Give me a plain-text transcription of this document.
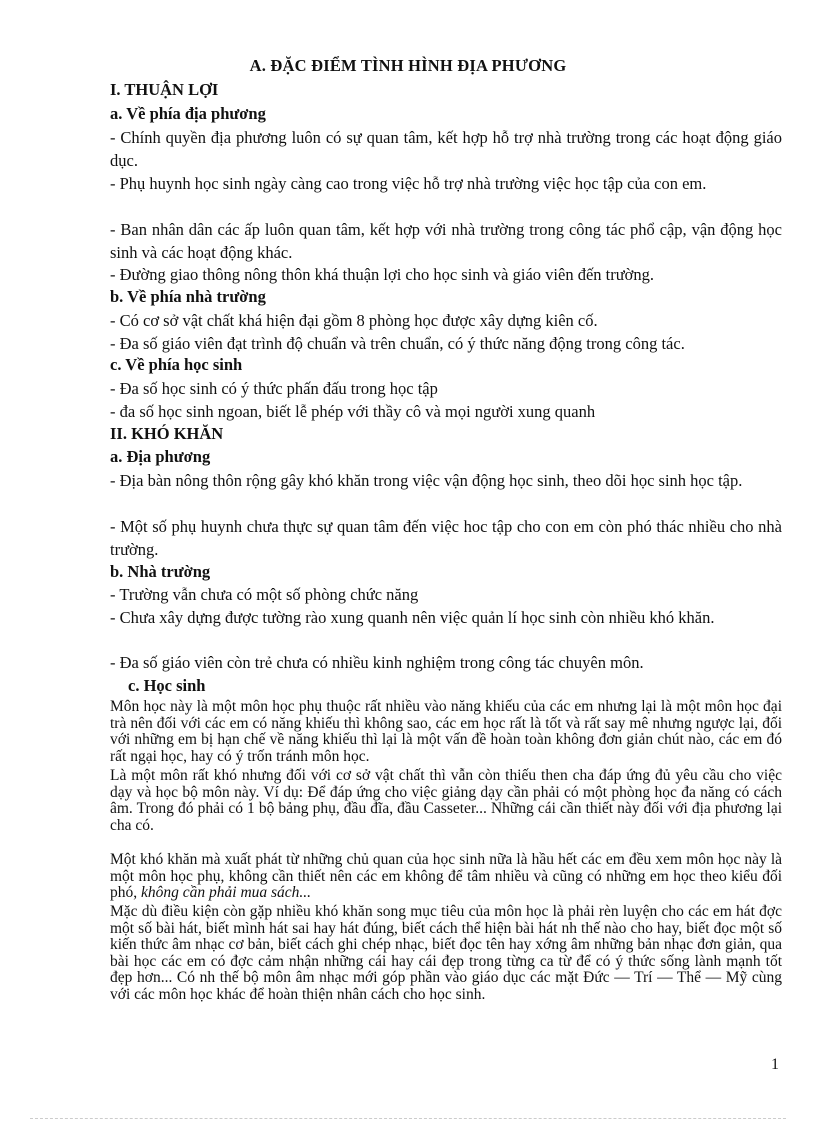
A. ĐẶC ĐIỂM TÌNH HÌNH ĐỊA PHƯƠNG
I. THUẬN LỢI
a. Về phía địa phương
- Chính quyền địa phương luôn có sự quan tâm, kết hợp hỗ trợ nhà trường trong các hoạt động giáo dục.
- Phụ huynh học sinh ngày càng cao trong việc hỗ trợ nhà trường việc học tập của con em.
- Ban nhân dân các ấp luôn quan tâm, kết hợp với nhà trường trong công tác phổ cập, vận động học sinh và các hoạt động khác.
- Đường giao thông nông thôn khá thuận lợi cho học sinh và giáo viên đến trường.
b. Về phía nhà trường
- Có cơ sở vật chất khá hiện đại gồm 8 phòng học được xây dựng kiên cố.
- Đa số giáo viên đạt trình độ chuẩn và trên chuẩn, có ý thức năng động trong công tác.
c. Về phía học sinh
- Đa số học sinh có ý thức phấn đấu trong học tập
- đa số học sinh ngoan, biết lễ phép với thầy cô và mọi người xung quanh
II. KHÓ KHĂN
a. Địa phương
- Địa bàn nông thôn rộng gây khó khăn trong việc vận động học sinh, theo dõi học sinh học tập.
- Một số phụ huynh chưa thực sự quan tâm đến việc hoc tập cho con em còn phó thác nhiều cho nhà trường.
b. Nhà trường
- Trường vẫn chưa có một số phòng chức năng
- Chưa xây dựng được tường rào xung quanh nên việc quản lí học sinh còn nhiều khó khăn.
- Đa số giáo viên còn trẻ chưa có nhiều kinh nghiệm trong công tác chuyên môn.
c. Học sinh
Môn học này là một môn học phụ thuộc rất nhiều vào năng khiếu của các em nhưng lại là một môn học đại trà nên đối với các em có năng khiếu thì không sao, các em học rất là tốt và rất say mê nhưng ngược lại, đối với những em bị hạn chế về năng khiếu thì lại là một vấn đề hoàn toàn không đơn giản chút nào, các em đó rất ngại học, hay có ý trốn tránh môn học.
Là một môn rất khó nhưng đối với cơ sở vật chất thì vẫn còn thiếu then cha đáp ứng đủ yêu cầu cho việc dạy và học bộ môn này. Ví dụ: Để đáp ứng cho việc giảng dạy cần phải có một phòng học đa năng có cách âm. Trong đó phải có 1 bộ bảng phụ, đầu đĩa, đầu Casseter... Những cái cần thiết này đối với địa phương lại cha có.
Một khó khăn mà xuất phát từ những chủ quan của học sinh nữa là hầu hết các em đều xem môn học này là một môn học phụ, không cần thiết nên các em không để tâm nhiều và cũng có những em học theo kiểu đối phó, không cần phải mua sách...
Mặc dù điều kiện còn gặp nhiều khó khăn song mục tiêu của môn học là phải rèn luyện cho các em hát đợc một số bài hát, biết mình hát sai hay hát đúng, biết cách thể hiện bài hát nh thế nào cho hay, biết đọc một số kiến thức âm nhạc cơ bản, biết cách ghi chép nhạc, biết đọc tên hay xớng âm những bản nhạc đơn giản, qua bài học các em có đợc cảm nhận những cái hay cái đẹp trong từng ca từ để có ý thức sống lành mạnh tốt đẹp hơn... Có nh thế bộ môn âm nhạc mới góp phần vào giáo dục các mặt Đức — Trí — Thể — Mỹ cùng với các môn học khác để hoàn thiện nhân cách cho học sinh.
1
